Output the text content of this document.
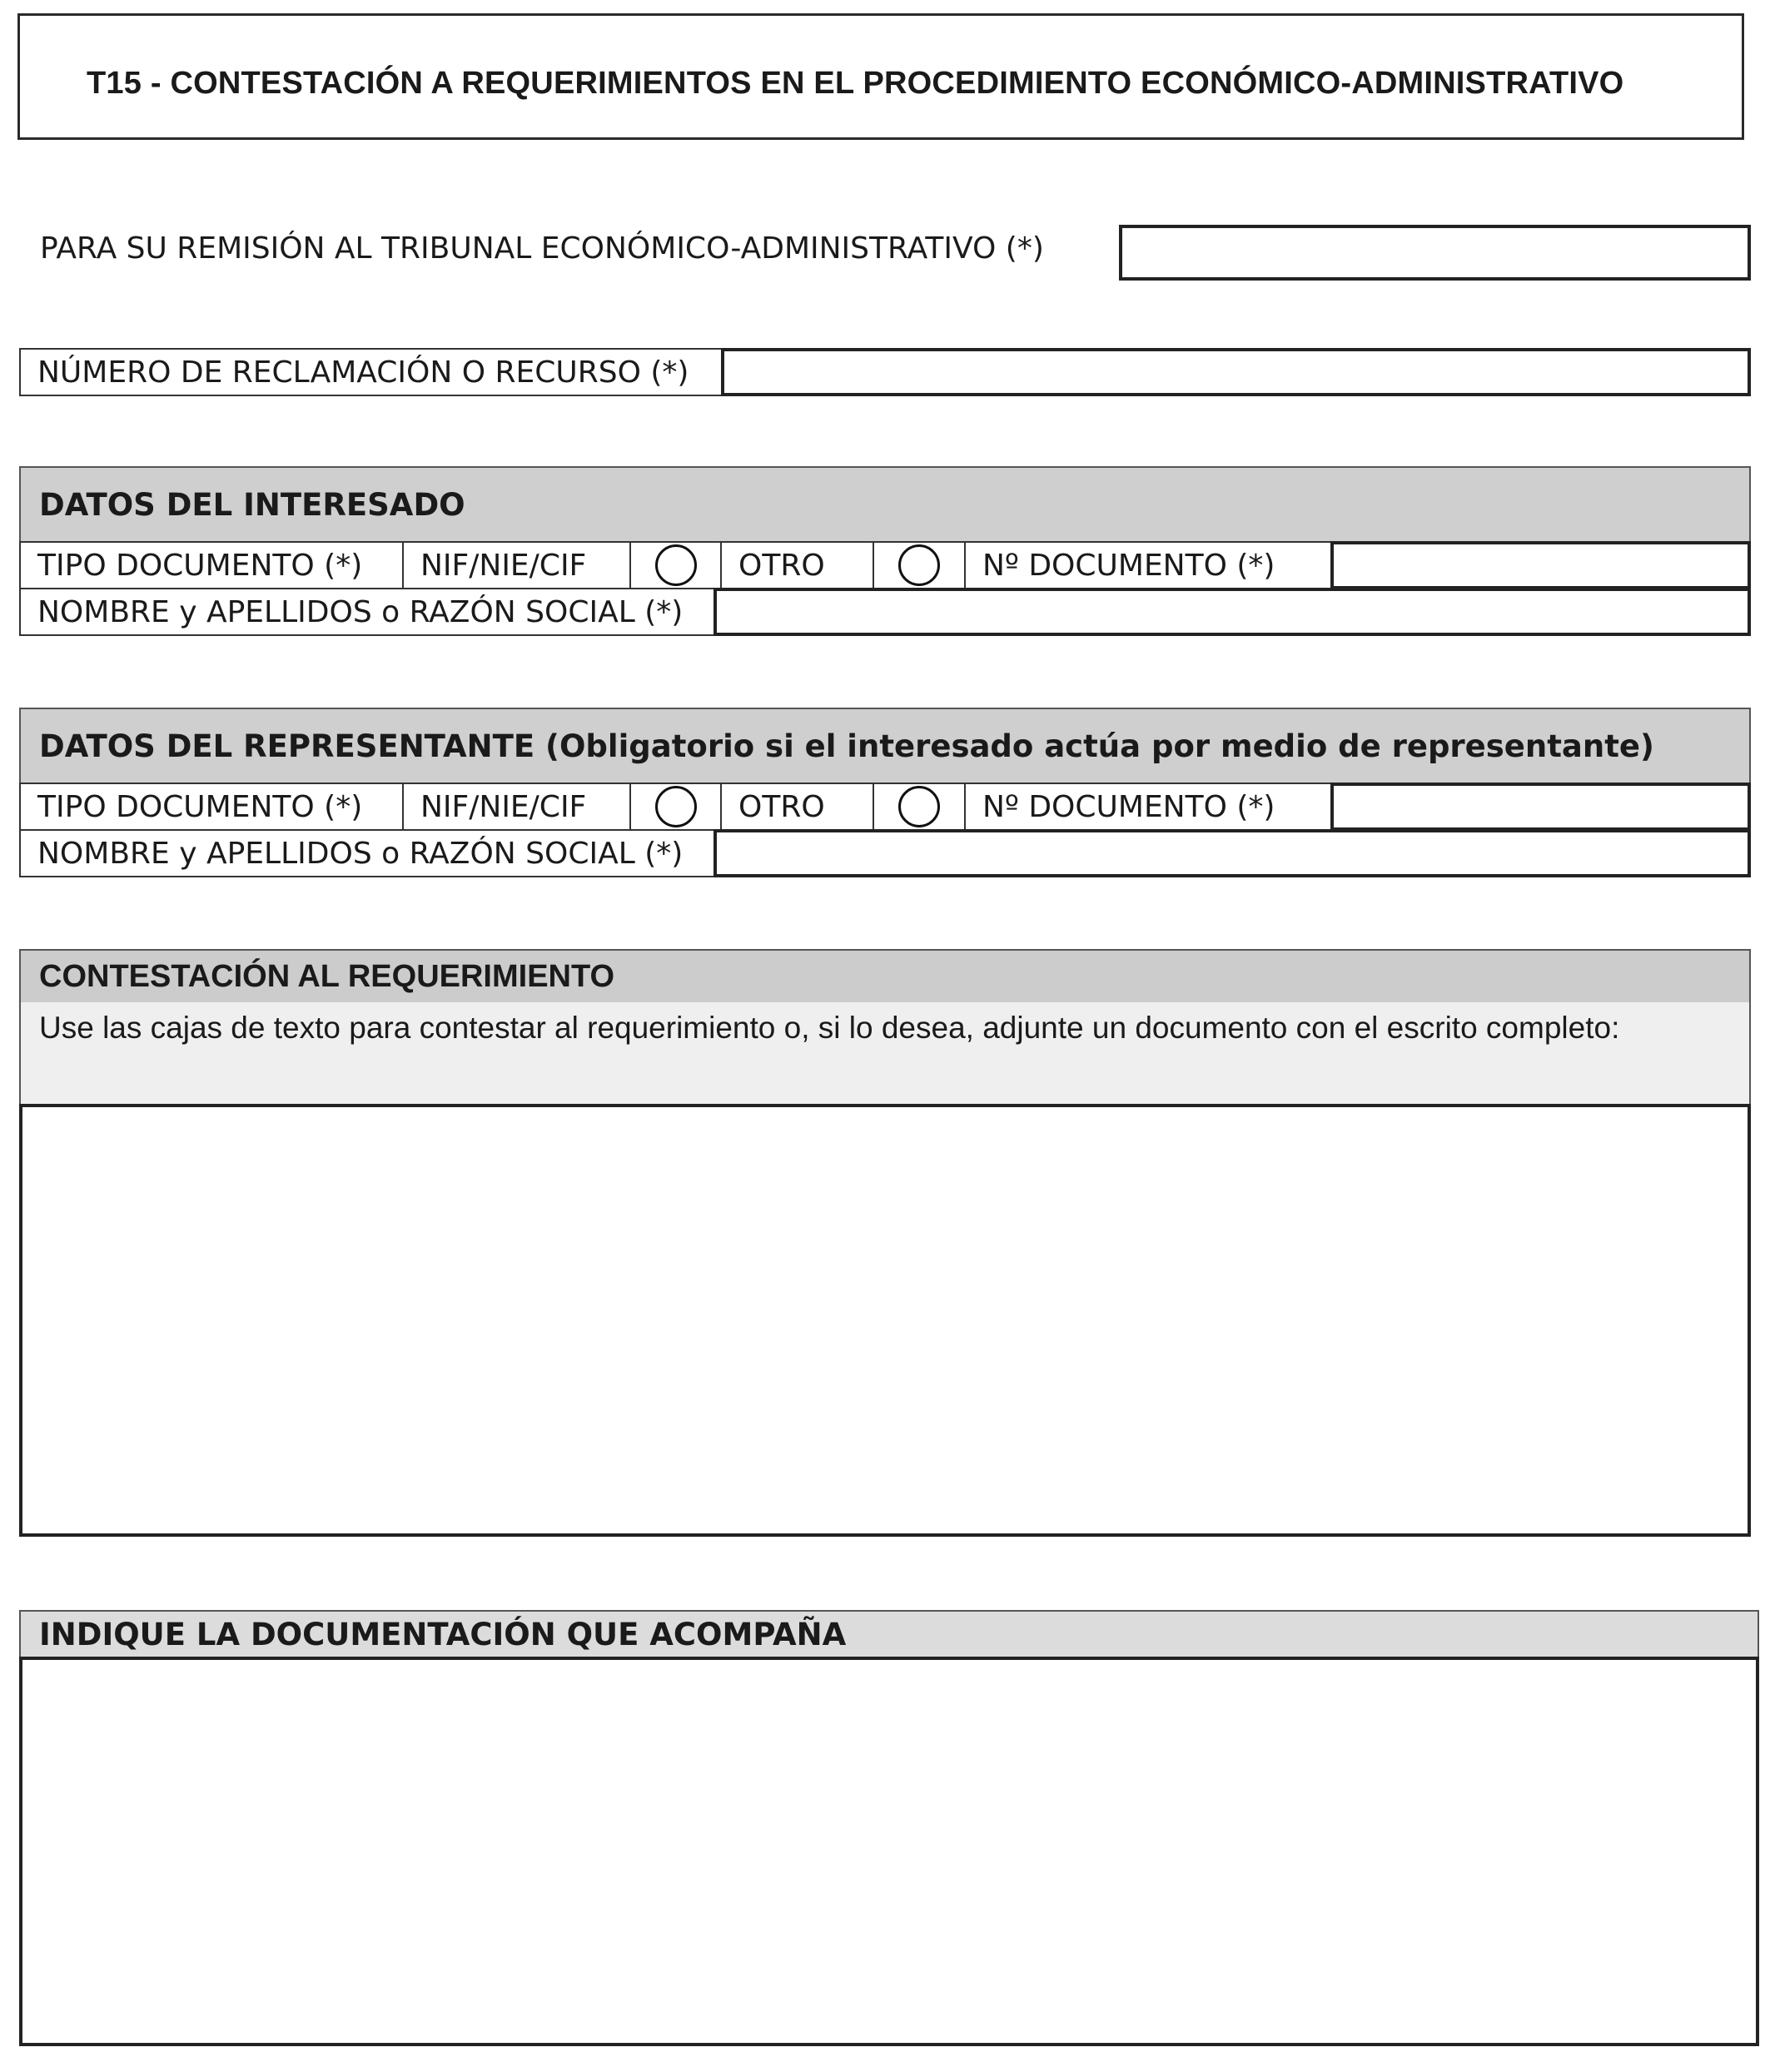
T15 - CONTESTACIÓN A REQUERIMIENTOS EN EL PROCEDIMIENTO ECONÓMICO-ADMINISTRATIVO
PARA SU REMISIÓN AL TRIBUNAL ECONÓMICO-ADMINISTRATIVO (*)
NÚMERO DE RECLAMACIÓN O RECURSO (*)
DATOS DEL INTERESADO
TIPO DOCUMENTO (*)	NIF/NIE/CIF	OTRO	Nº DOCUMENTO (*)
NOMBRE y APELLIDOS o RAZÓN SOCIAL (*)
DATOS DEL REPRESENTANTE (Obligatorio si el interesado actúa por medio de representante)
TIPO DOCUMENTO (*)	NIF/NIE/CIF	OTRO	Nº DOCUMENTO (*)
NOMBRE y APELLIDOS o RAZÓN SOCIAL (*)
CONTESTACIÓN AL REQUERIMIENTO
Use las cajas de texto para contestar al requerimiento o, si lo desea, adjunte un documento con el escrito completo:
INDIQUE LA DOCUMENTACIÓN QUE ACOMPAÑA
